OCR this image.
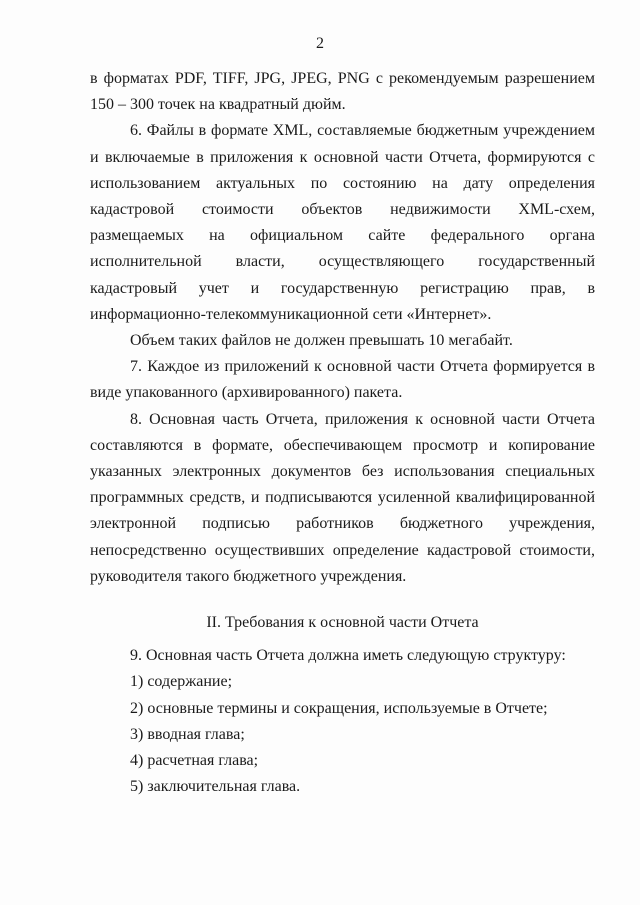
2

в форматах PDF, TIFF, JPG, JPEG, PNG с рекомендуемым разрешением 150 – 300 точек на квадратный дюйм.

6. Файлы в формате XML, составляемые бюджетным учреждением и включаемые в приложения к основной части Отчета, формируются с использованием актуальных по состоянию на дату определения кадастровой стоимости объектов недвижимости XML-схем, размещаемых на официальном сайте федерального органа исполнительной власти, осуществляющего государственный кадастровый учет и государственную регистрацию прав, в информационно-телекоммуникационной сети «Интернет».

Объем таких файлов не должен превышать 10 мегабайт.

7. Каждое из приложений к основной части Отчета формируется в виде упакованного (архивированного) пакета.

8. Основная часть Отчета, приложения к основной части Отчета составляются в формате, обеспечивающем просмотр и копирование указанных электронных документов без использования специальных программных средств, и подписываются усиленной квалифицированной электронной подписью работников бюджетного учреждения, непосредственно осуществивших определение кадастровой стоимости, руководителя такого бюджетного учреждения.

II. Требования к основной части Отчета

9. Основная часть Отчета должна иметь следующую структуру:

1) содержание;

2) основные термины и сокращения, используемые в Отчете;

3) вводная глава;

4) расчетная глава;

5) заключительная глава.
